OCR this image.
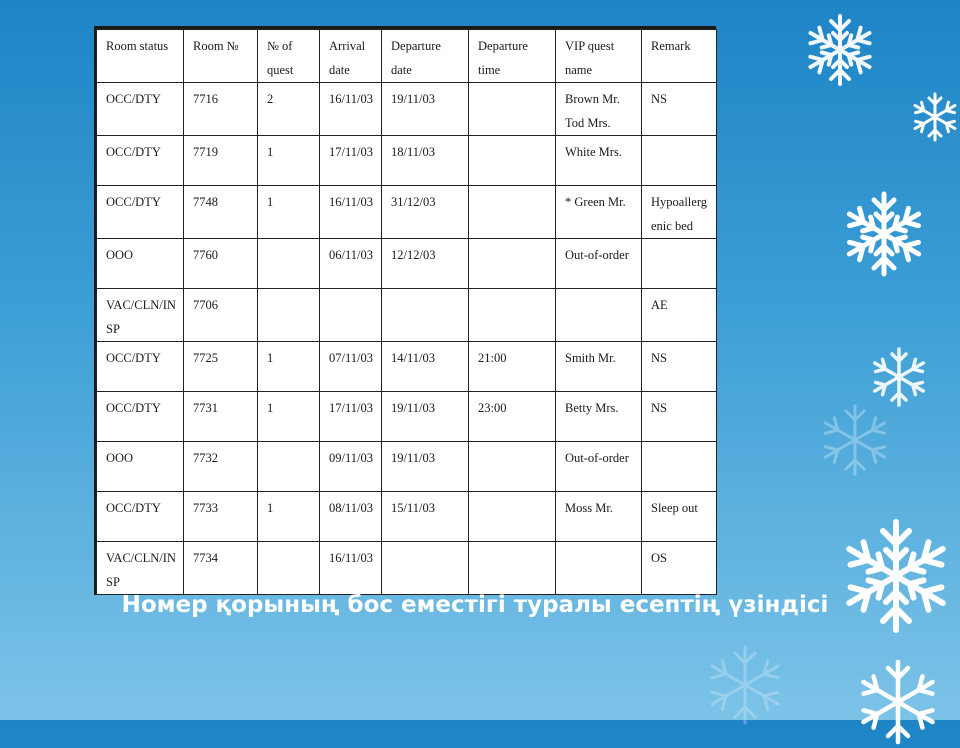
Room status	Room №	№ of quest	Arrival date	Departure date	Departure time	VIP quest name	Remark
OCC/DTY	7716	2	16/11/03	19/11/03		Brown Mr. Tod Mrs.	NS
OCC/DTY	7719	1	17/11/03	18/11/03		White Mrs.	
OCC/DTY	7748	1	16/11/03	31/12/03		* Green Mr.	Hypoallergenic bed
OOO	7760		06/11/03	12/12/03		Out-of-order	
VAC/CLN/INSP	7706						AE
OCC/DTY	7725	1	07/11/03	14/11/03	21:00	Smith Mr.	NS
OCC/DTY	7731	1	17/11/03	19/11/03	23:00	Betty Mrs.	NS
OOO	7732		09/11/03	19/11/03		Out-of-order	
OCC/DTY	7733	1	08/11/03	15/11/03		Moss Mr.	Sleep out
VAC/CLN/INSP	7734		16/11/03				OS
Номер қорының бос еместігі туралы есептің үзіндісі
